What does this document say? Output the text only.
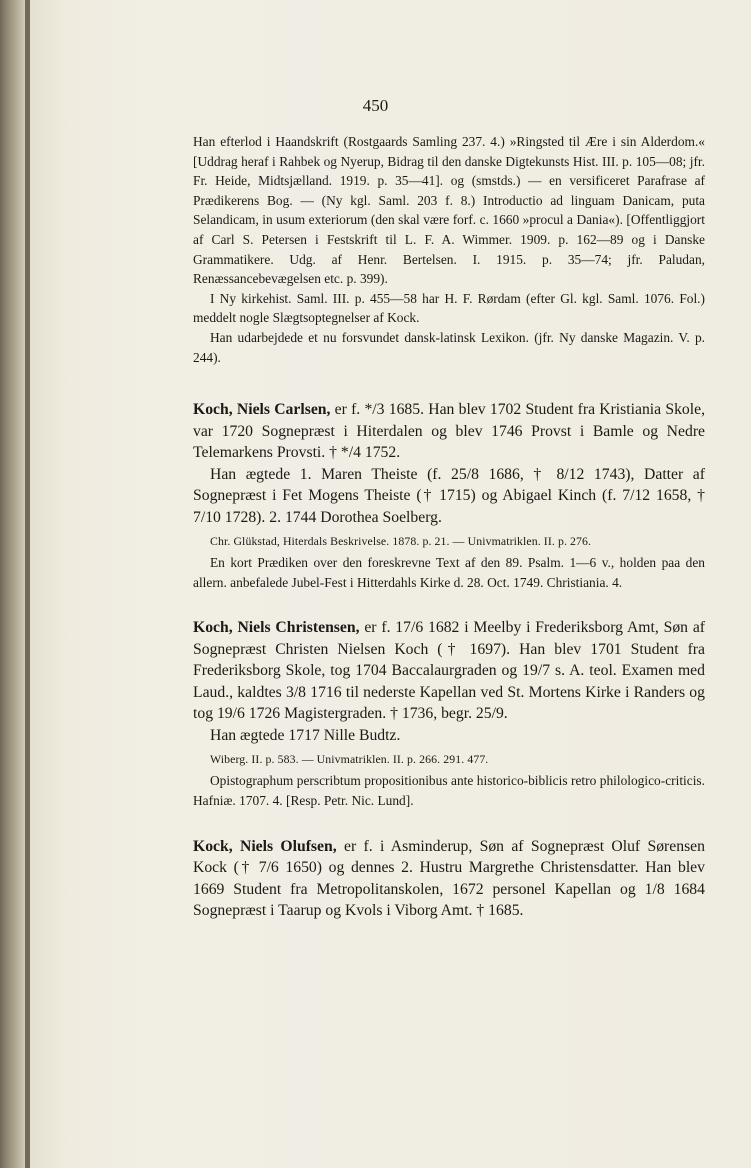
450

Han efterlod i Haandskrift (Rostgaards Samling 237. 4.) »Ringsted til Ære i sin Alderdom.« [Uddrag heraf i Rahbek og Nyerup, Bidrag til den danske Digtekunsts Hist. III. p. 105—08; jfr. Fr. Heide, Midtsjælland. 1919. p. 35—41]. og (smstds.) — en versificeret Parafrase af Prædikerens Bog. — (Ny kgl. Saml. 203 f. 8.) Introductio ad linguam Danicam, puta Selandicam, in usum exteriorum (den skal være forf. c. 1660 »procul a Dania«). [Offentliggjort af Carl S. Petersen i Festskrift til L. F. A. Wimmer. 1909. p. 162—89 og i Danske Grammatikere. Udg. af Henr. Bertelsen. I. 1915. p. 35—74; jfr. Paludan, Renæssancebevægelsen etc. p. 399).

I Ny kirkehist. Saml. III. p. 455—58 har H. F. Rørdam (efter Gl. kgl. Saml. 1076. Fol.) meddelt nogle Slægtsoptegnelser af Kock.

Han udarbejdede et nu forsvundet dansk-latinsk Lexikon. (jfr. Ny danske Magazin. V. p. 244).

Koch, Niels Carlsen, er f. */3 1685. Han blev 1702 Student fra Kristiania Skole, var 1720 Sognepræst i Hiterdalen og blev 1746 Provst i Bamle og Nedre Telemarkens Provsti. † */4 1752.

Han ægtede 1. Maren Theiste (f. 25/8 1686, † 8/12 1743), Datter af Sognepræst i Fet Mogens Theiste († 1715) og Abigael Kinch (f. 7/12 1658, † 7/10 1728). 2. 1744 Dorothea Soelberg.

Chr. Glükstad, Hiterdals Beskrivelse. 1878. p. 21. — Univmatriklen. II. p. 276.

En kort Prædiken over den foreskrevne Text af den 89. Psalm. 1—6 v., holden paa den allern. anbefalede Jubel-Fest i Hitterdahls Kirke d. 28. Oct. 1749. Christiania. 4.

Koch, Niels Christensen, er f. 17/6 1682 i Meelby i Frederiksborg Amt, Søn af Sognepræst Christen Nielsen Koch († 1697). Han blev 1701 Student fra Frederiksborg Skole, tog 1704 Baccalaurgraden og 19/7 s. A. teol. Examen med Laud., kaldtes 3/8 1716 til nederste Kapellan ved St. Mortens Kirke i Randers og tog 19/6 1726 Magistergraden. † 1736, begr. 25/9.

Han ægtede 1717 Nille Budtz.

Wiberg. II. p. 583. — Univmatriklen. II. p. 266. 291. 477.

Opistographum perscribtum propositionibus ante historico-biblicis retro philologico-criticis. Hafniæ. 1707. 4. [Resp. Petr. Nic. Lund].

Kock, Niels Olufsen, er f. i Asminderup, Søn af Sognepræst Oluf Sørensen Kock († 7/6 1650) og dennes 2. Hustru Margrethe Christensdatter. Han blev 1669 Student fra Metropolitanskolen, 1672 personel Kapellan og 1/8 1684 Sognepræst i Taarup og Kvols i Viborg Amt. † 1685.
